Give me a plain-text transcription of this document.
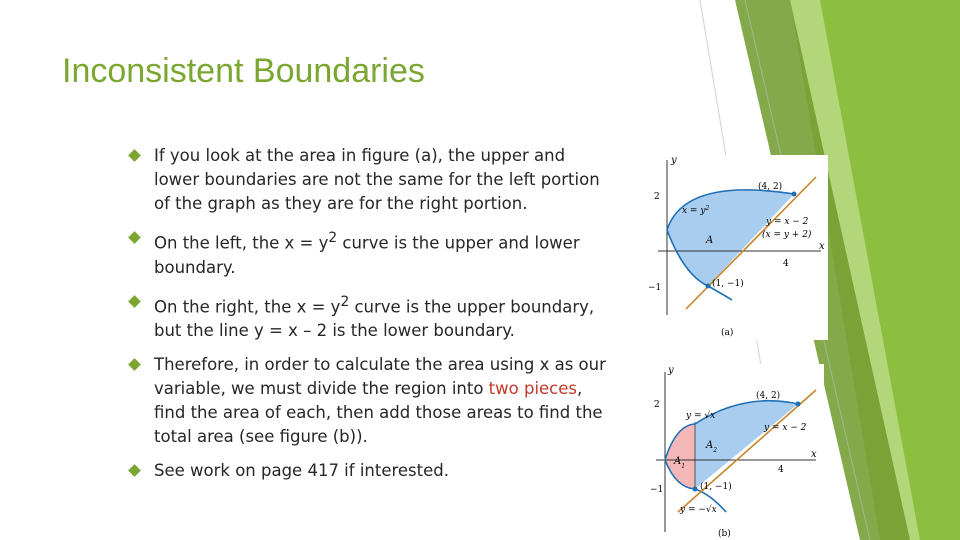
Inconsistent Boundaries
If you look at the area in figure (a), the upper and lower boundaries are not the same for the left portion of the graph as they are for the right portion.
On the left, the $x = y^2$ curve is the upper and lower boundary.
On the right, the $x = y^2$ curve is the upper boundary, but the line y = x – 2 is the lower boundary.
Therefore, in order to calculate the area using x as our variable, we must divide the region into two pieces, find the area of each, then add those areas to find the total area (see figure (b)).
See work on page 417 if interested.
y
x
2
−1
4
(4, 2)
(1, −1)
$x = y^2$
y = x − 2
(x = y + 2)
A
(a)
y
x
2
−1
4
(4, 2)
(1, −1)
y = √x
y = −√x
y = x − 2
$A_1$
$A_2$
(b)
